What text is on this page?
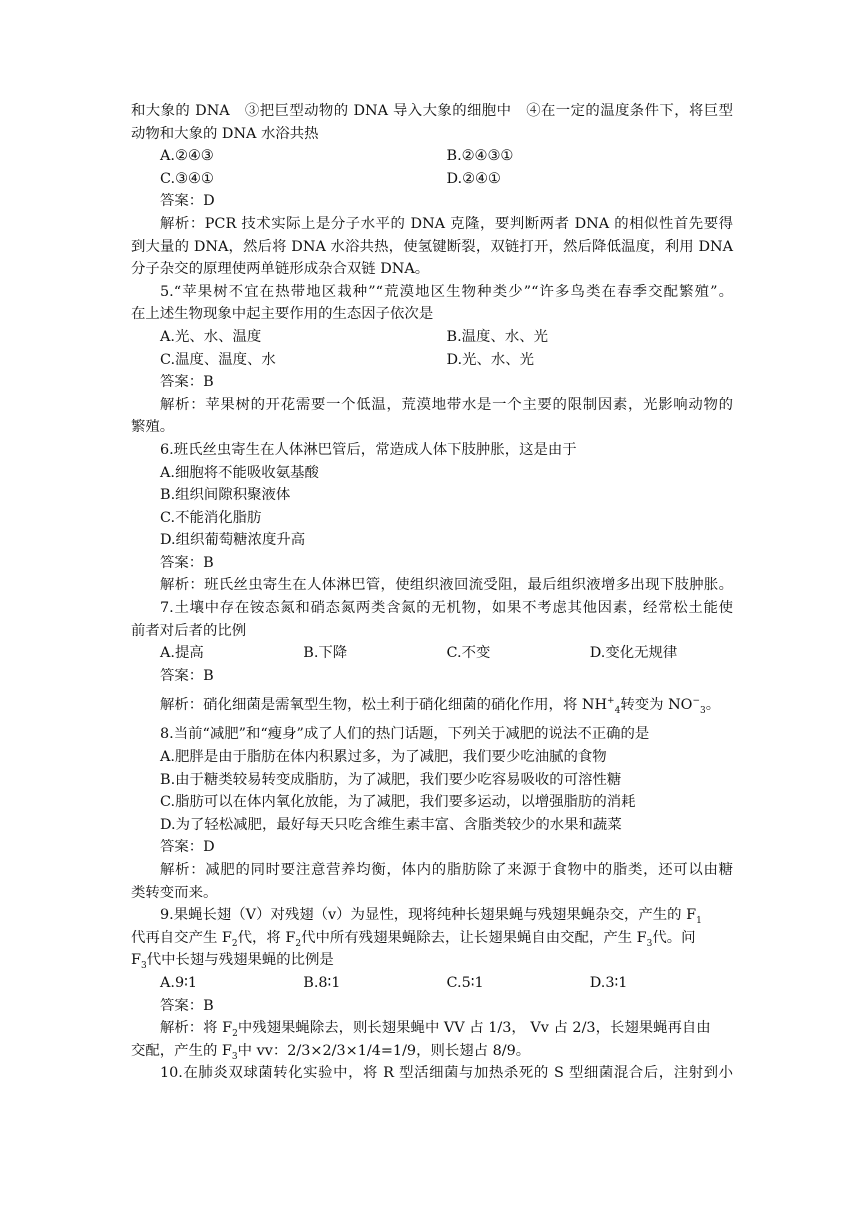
和大象的 DNA　③把巨型动物的 DNA 导入大象的细胞中　④在一定的温度条件下，将巨型
动物和大象的 DNA 水浴共热
A.②④③	B.②④③①
C.③④①	D.②④①
答案：D
解析：PCR 技术实际上是分子水平的 DNA 克隆，要判断两者 DNA 的相似性首先要得
到大量的 DNA，然后将 DNA 水浴共热，使氢键断裂，双链打开，然后降低温度，利用 DNA
分子杂交的原理使两单链形成杂合双链 DNA。
5.“苹果树不宜在热带地区栽种”“荒漠地区生物种类少”“许多鸟类在春季交配繁殖”。
在上述生物现象中起主要作用的生态因子依次是
A.光、水、温度	B.温度、水、光
C.温度、温度、水	D.光、水、光
答案：B
解析：苹果树的开花需要一个低温，荒漠地带水是一个主要的限制因素，光影响动物的
繁殖。
6.班氏丝虫寄生在人体淋巴管后，常造成人体下肢肿胀，这是由于
A.细胞将不能吸收氨基酸
B.组织间隙积聚液体
C.不能消化脂肪
D.组织葡萄糖浓度升高
答案：B
解析：班氏丝虫寄生在人体淋巴管，使组织液回流受阻，最后组织液增多出现下肢肿胀。
7.土壤中存在铵态氮和硝态氮两类含氮的无机物，如果不考虑其他因素，经常松土能使
前者对后者的比例
A.提高	B.下降	C.不变	D.变化无规律
答案：B
解析：硝化细菌是需氧型生物，松土利于硝化细菌的硝化作用，将 $NH^+_4$转变为 $NO^-_3$。
8.当前“减肥”和“瘦身”成了人们的热门话题，下列关于减肥的说法不正确的是
A.肥胖是由于脂肪在体内积累过多，为了减肥，我们要少吃油腻的食物
B.由于糖类较易转变成脂肪，为了减肥，我们要少吃容易吸收的可溶性糖
C.脂肪可以在体内氧化放能，为了减肥，我们要多运动，以增强脂肪的消耗
D.为了轻松减肥，最好每天只吃含维生素丰富、含脂类较少的水果和蔬菜
答案：D
解析：减肥的同时要注意营养均衡，体内的脂肪除了来源于食物中的脂类，还可以由糖
类转变而来。
9.果蝇长翅（V）对残翅（v）为显性，现将纯种长翅果蝇与残翅果蝇杂交，产生的 $F_1$
代再自交产生 $F_2$代，将 $F_2$代中所有残翅果蝇除去，让长翅果蝇自由交配，产生 $F_3$代。问
$F_3$代中长翅与残翅果蝇的比例是
A.9∶1	B.8∶1	C.5∶1	D.3∶1
答案：B
解析：将 $F_2$中残翅果蝇除去，则长翅果蝇中 VV 占 1/3， Vv 占 2/3，长翅果蝇再自由
交配，产生的 $F_3$中 vv：2/3×2/3×1/4=1/9，则长翅占 8/9。
10.在肺炎双球菌转化实验中，将 R 型活细菌与加热杀死的 S 型细菌混合后，注射到小
